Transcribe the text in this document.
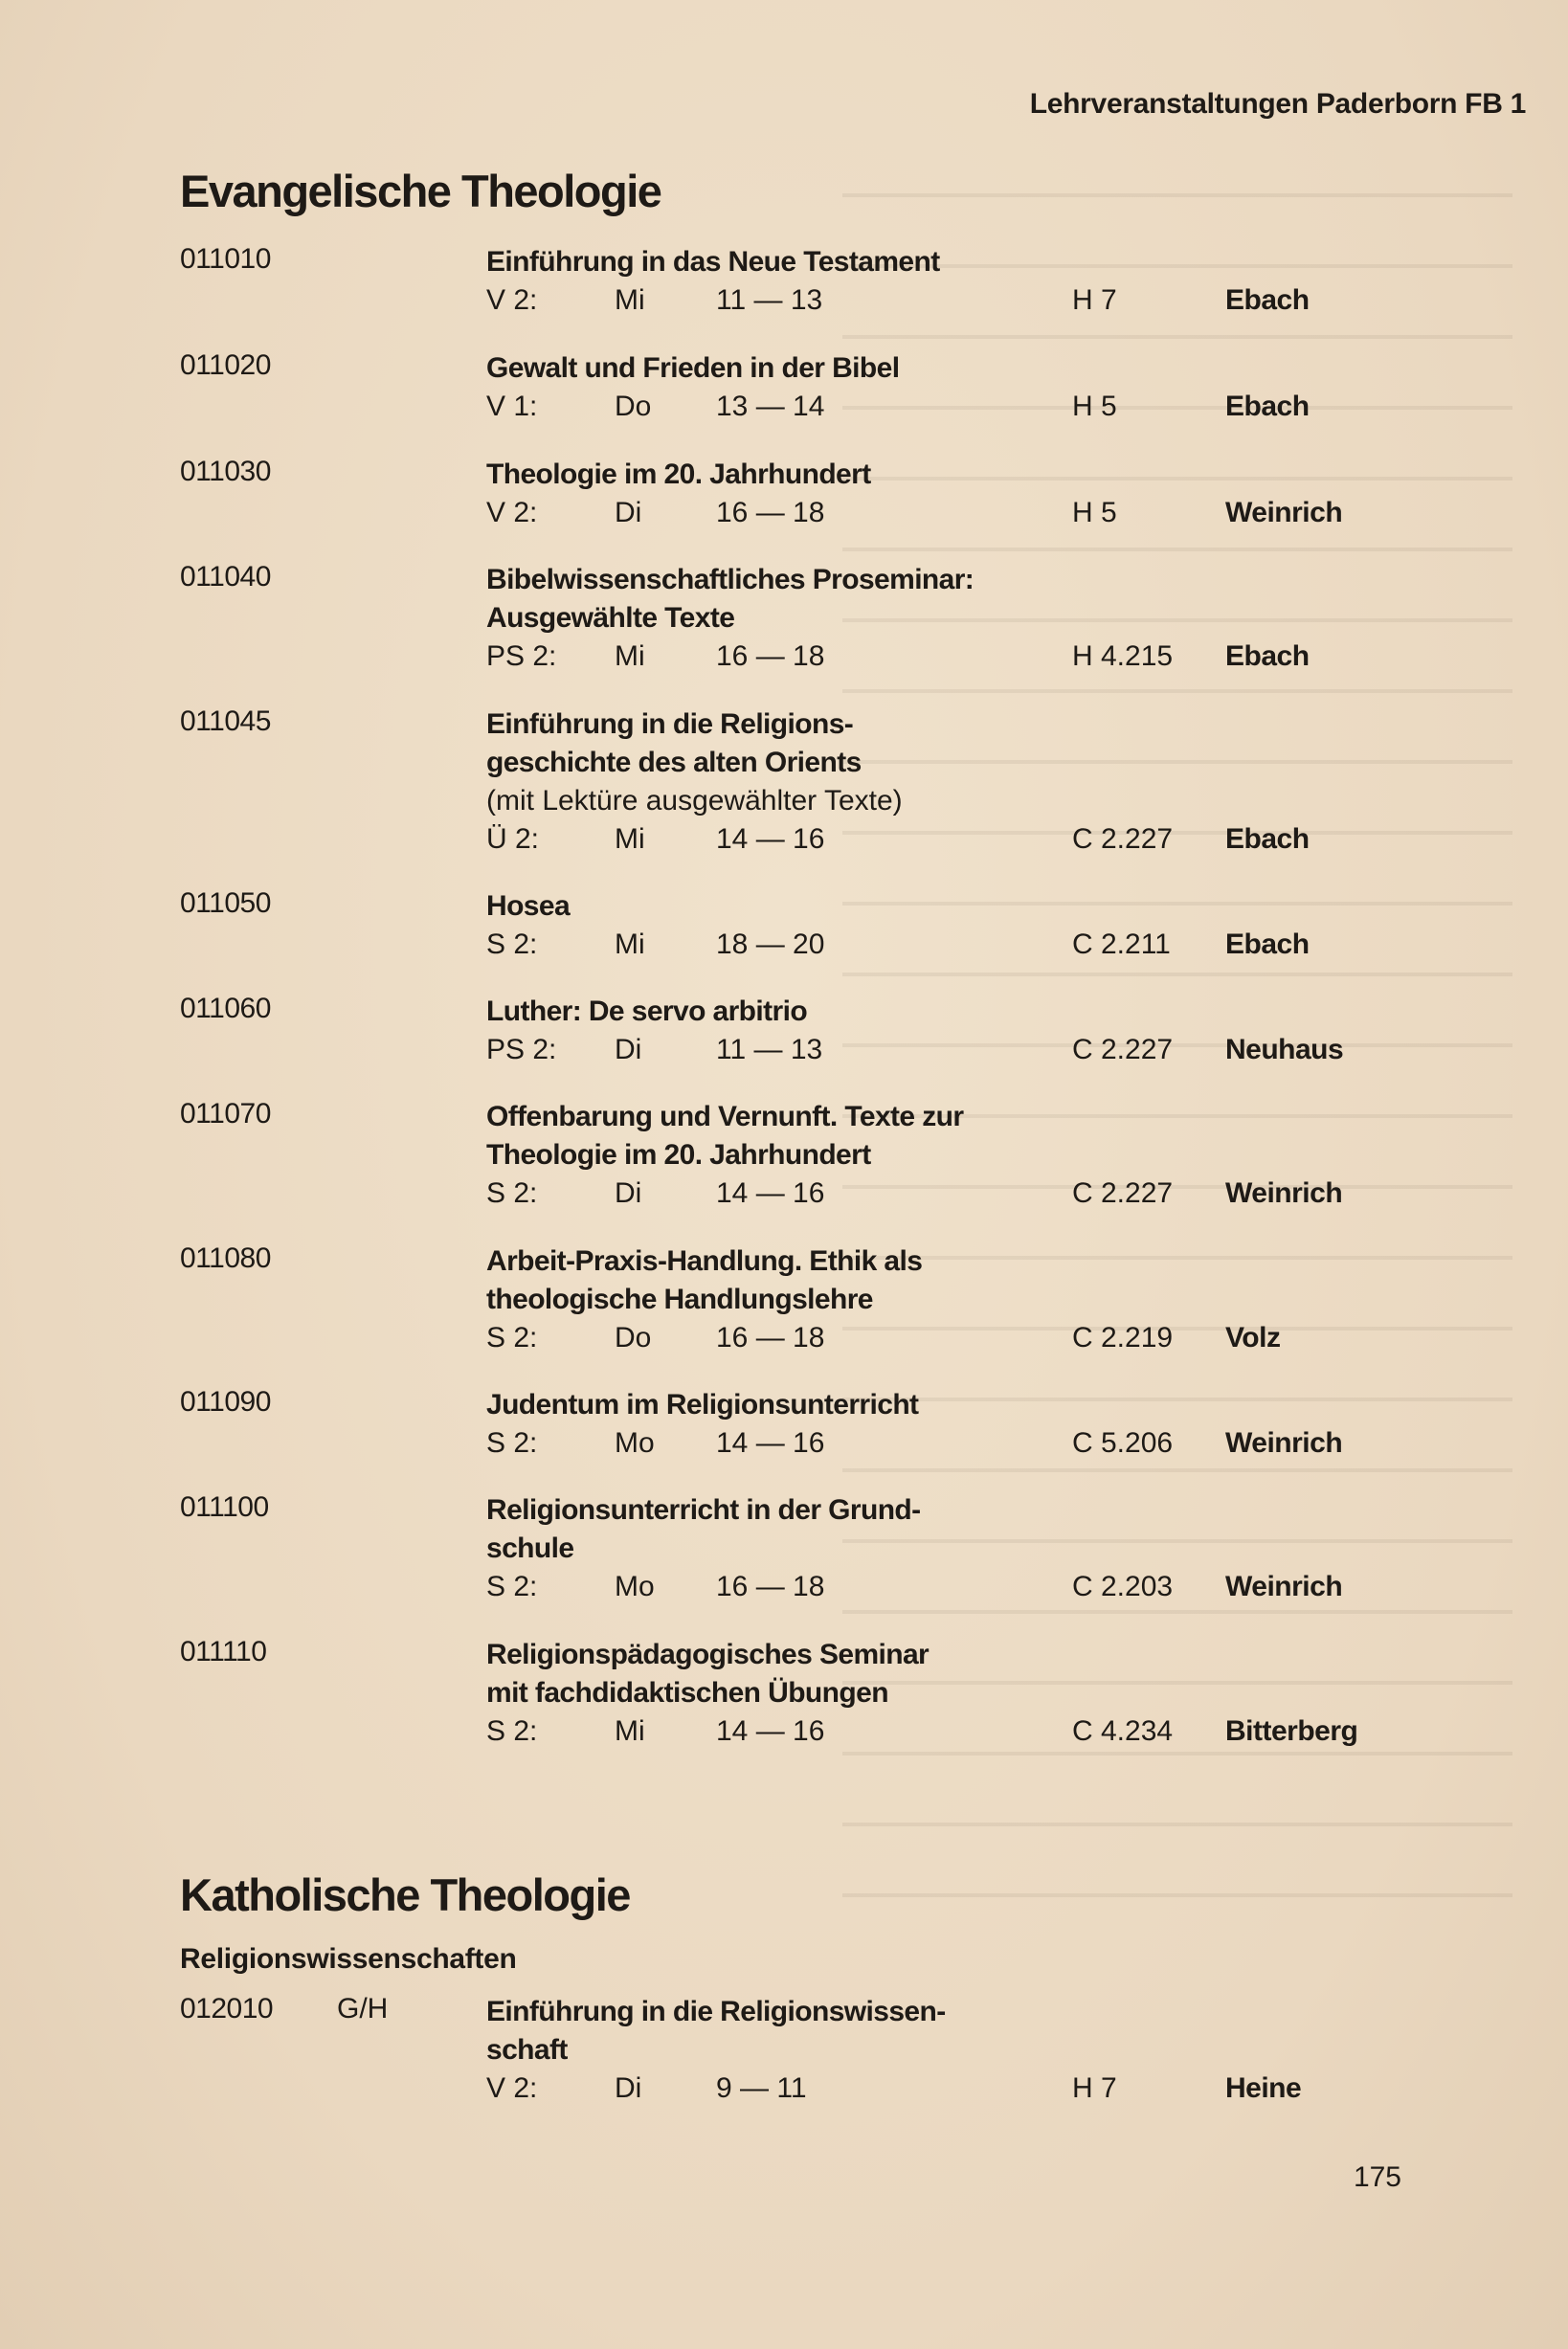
Lehrveranstaltungen Paderborn FB 1
Evangelische Theologie
011010	Einführung in das Neue Testament
V 2:	Mi 11 — 13	H 7	Ebach
011020	Gewalt und Frieden in der Bibel
V 1:	Do 13 — 14	H 5	Ebach
011030	Theologie im 20. Jahrhundert
V 2:	Di	16 — 18	H 5	Weinrich
011040	Bibelwissenschaftliches Proseminar:
Ausgewählte Texte
PS 2: Mi 16 — 18	H 4.215 Ebach
011045	Einführung in die Religions-
geschichte des alten Orients
(mit Lektüre ausgewählter Texte)
Ü 2:	Mi 14 — 16	C 2.227 Ebach
011050	Hosea
S 2:	Mi 18 — 20	C 2.211 Ebach
011060	Luther: De servo arbitrio
PS 2: Di	11 — 13	C 2.227 Neuhaus
011070	Offenbarung und Vernunft. Texte zur
Theologie im 20. Jahrhundert
S 2:	Di	14 — 16	C 2.227 Weinrich
011080	Arbeit-Praxis-Handlung. Ethik als
theologische Handlungslehre
S 2:	Do 16 — 18	C 2.219 Volz
011090	Judentum im Religionsunterricht
S 2:	Mo 14 — 16	C 5.206 Weinrich
011100	Religionsunterricht in der Grund-
schule
S 2:	Mo 16 — 18	C 2.203 Weinrich
011110	Religionspädagogisches Seminar
mit fachdidaktischen Übungen
S 2:	Mi 14 — 16	C 4.234 Bitterberg
Katholische Theologie
Religionswissenschaften
012010 G/H	Einführung in die Religionswissen-
schaft
V 2:	Di	9 — 11	H 7	Heine
175
